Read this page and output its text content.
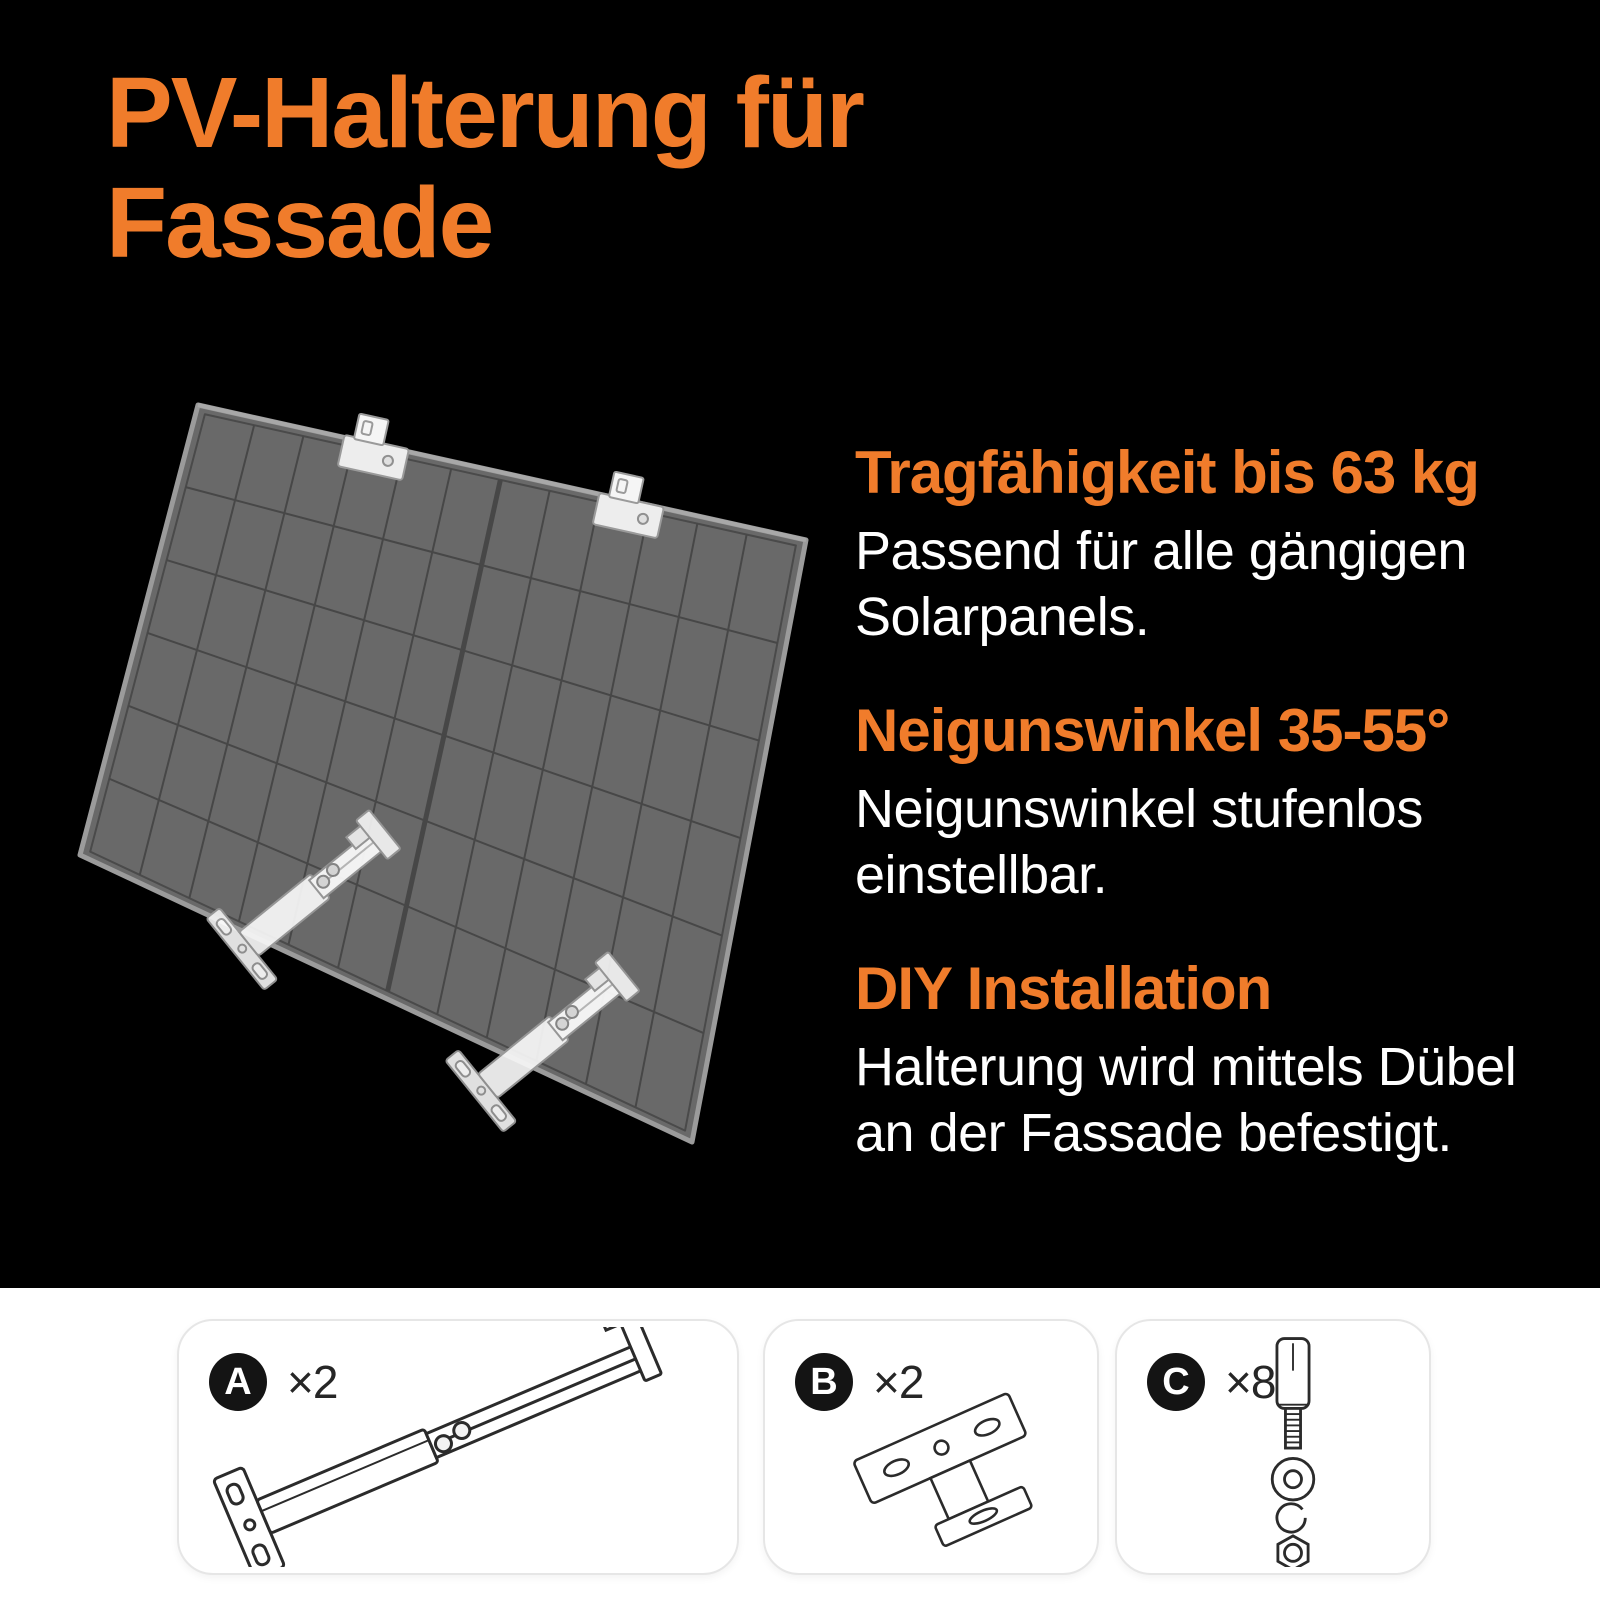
PV-Halterung für
Fassade
Tragfähigkeit bis 63 kg

Passend für alle gängigen Solarpanels.

Neigunswinkel 35-55°

Neigunswinkel stufenlos einstellbar.

DIY Installation

Halterung wird mittels Dübel an der Fassade befestigt.

A ×2	B ×2	C ×8
